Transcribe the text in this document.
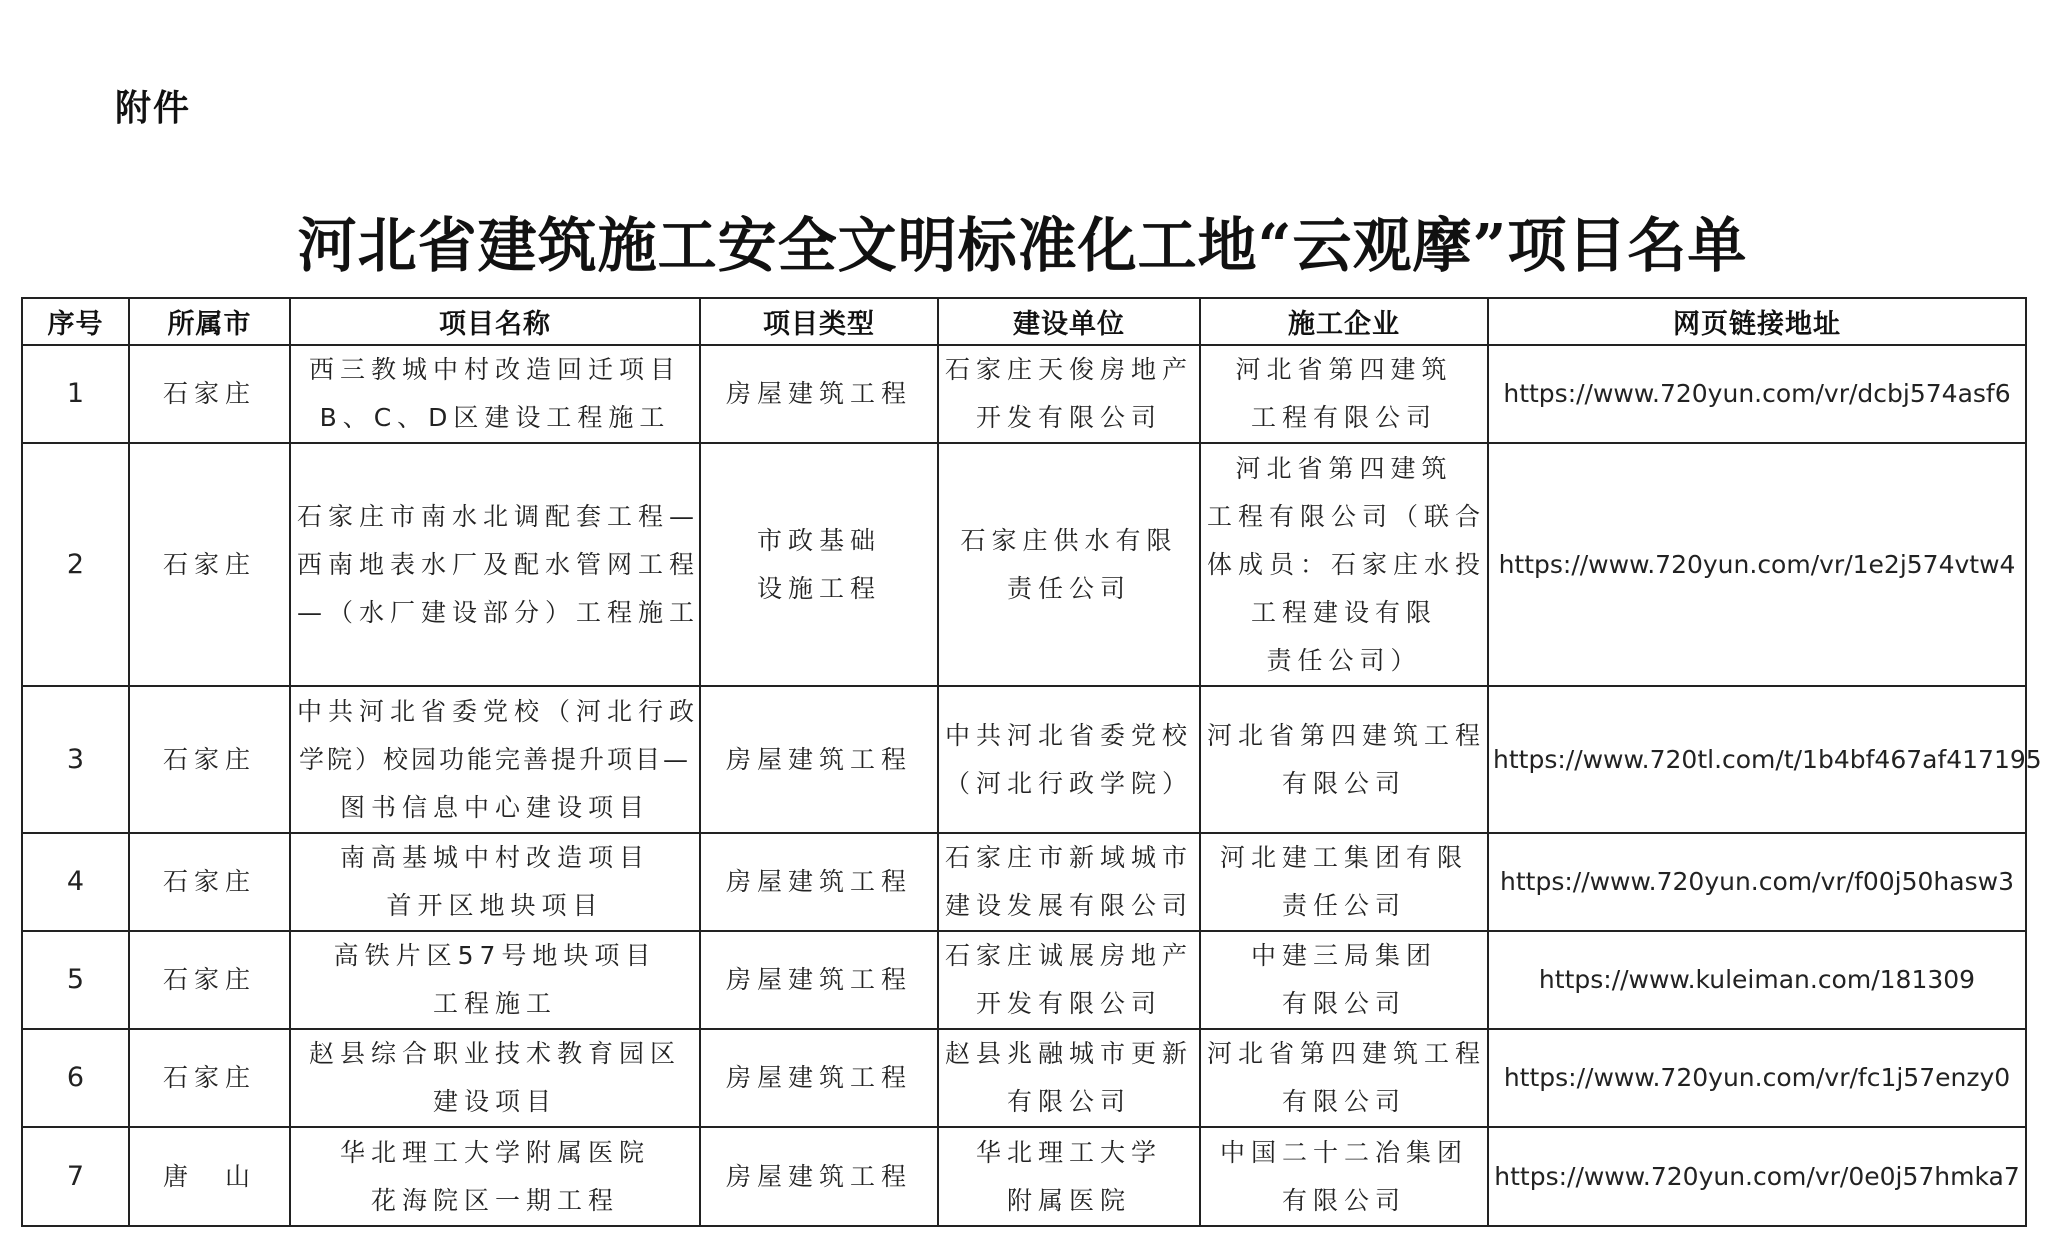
附件
河北省建筑施工安全文明标准化工地“云观摩”项目名单
序号	所属市	项目名称	项目类型	建设单位	施工企业	网页链接地址
1	石家庄	西三教城中村改造回迁项目
B、C、D区建设工程施工	房屋建筑工程	石家庄天俊房地产
开发有限公司	河北省第四建筑
工程有限公司	https://www.720yun.com/vr/dcbj574asf6
2	石家庄	石家庄市南水北调配套工程—
西南地表水厂及配水管网工程
—（水厂建设部分）工程施工	市政基础
设施工程	石家庄供水有限
责任公司	河北省第四建筑
工程有限公司（联合
体成员：石家庄水投
工程建设有限
责任公司）	https://www.720yun.com/vr/1e2j574vtw4
3	石家庄	中共河北省委党校（河北行政
学院）校园功能完善提升项目—
图书信息中心建设项目	房屋建筑工程	中共河北省委党校
（河北行政学院）	河北省第四建筑工程
有限公司	https://www.720tl.com/t/1b4bf467af417195
4	石家庄	南高基城中村改造项目
首开区地块项目	房屋建筑工程	石家庄市新域城市
建设发展有限公司	河北建工集团有限
责任公司	https://www.720yun.com/vr/f00j50hasw3
5	石家庄	高铁片区57号地块项目
工程施工	房屋建筑工程	石家庄诚展房地产
开发有限公司	中建三局集团
有限公司	https://www.kuleiman.com/181309
6	石家庄	赵县综合职业技术教育园区
建设项目	房屋建筑工程	赵县兆融城市更新
有限公司	河北省第四建筑工程
有限公司	https://www.720yun.com/vr/fc1j57enzy0
7	唐　山	华北理工大学附属医院
花海院区一期工程	房屋建筑工程	华北理工大学
附属医院	中国二十二冶集团
有限公司	https://www.720yun.com/vr/0e0j57hmka7
